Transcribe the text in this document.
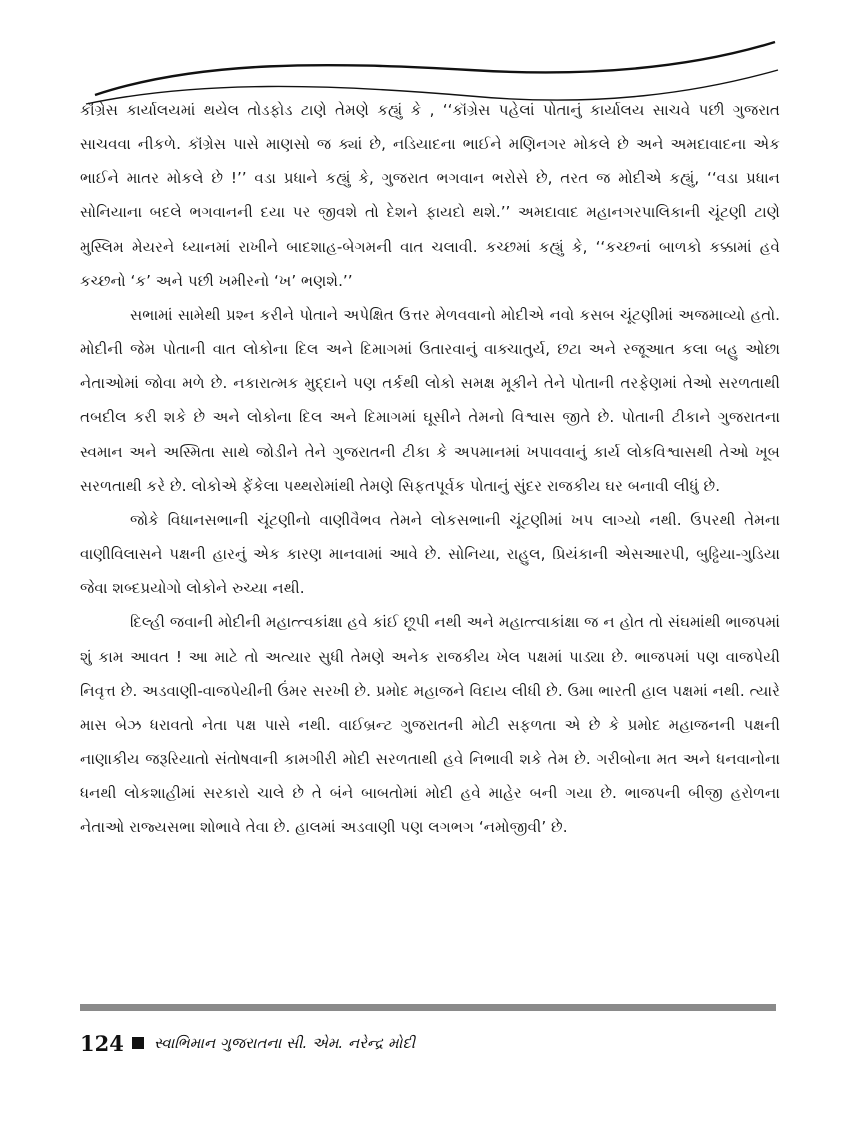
કૉંગ્રેસ કાર્યાલયમાં થયેલ તોડફોડ ટાણે તેમણે કહ્યું કે , ‘‘કૉંગ્રેસ પહેલાં પોતાનું કાર્યાલય સાચવે પછી ગુજરાત સાચવવા નીકળે. કૉંગ્રેસ પાસે માણસો જ ક્યાં છે, નડિયાદના ભાઈને મણિનગર મોકલે છે અને અમદાવાદના એક ભાઈને માતર મોકલે છે !’’ વડા પ્રધાને કહ્યું કે, ગુજરાત ભગવાન ભરોસે છે, તરત જ મોદીએ કહ્યું, ‘‘વડા પ્રધાન સોનિયાના બદલે ભગવાનની દયા પર જીવશે તો દેશને ફાયદો થશે.’’ અમદાવાદ મહાનગરપાલિકાની ચૂંટણી ટાણે મુસ્લિમ મેયરને ધ્યાનમાં રાખીને બાદશાહ-બેગમની વાત ચલાવી. કચ્છમાં કહ્યું કે, ‘‘કચ્છનાં બાળકો કક્કામાં હવે કચ્છનો ‘ક’ અને પછી ખમીરનો ‘ખ’ ભણશે.’’

સભામાં સામેથી પ્રશ્ન કરીને પોતાને અપેક્ષિત ઉત્તર મેળવવાનો મોદીએ નવો કસબ ચૂંટણીમાં અજમાવ્યો હતો. મોદીની જેમ પોતાની વાત લોકોના દિલ અને દિમાગમાં ઉતારવાનું વાક્ચાતુર્ય, છટા અને રજૂઆત કલા બહુ ઓછા નેતાઓમાં જોવા મળે છે. નકારાત્મક મુદ્દાને પણ તર્કથી લોકો સમક્ષ મૂકીને તેને પોતાની તરફેણમાં તેઓ સરળતાથી તબદીલ કરી શકે છે અને લોકોના દિલ અને દિમાગમાં ઘૂસીને તેમનો વિશ્વાસ જીતે છે. પોતાની ટીકાને ગુજરાતના સ્વમાન અને અસ્મિતા સાથે જોડીને તેને ગુજરાતની ટીકા કે અપમાનમાં ખપાવવાનું કાર્ય લોકવિશ્વાસથી તેઓ ખૂબ સરળતાથી કરે છે. લોકોએ ફેંકેલા પથ્થરોમાંથી તેમણે સિફતપૂર્વક પોતાનું સુંદર રાજકીય ઘર બનાવી લીધું છે.

જોકે વિધાનસભાની ચૂંટણીનો વાણીવૈભવ તેમને લોકસભાની ચૂંટણીમાં ખપ લાગ્યો નથી. ઉપરથી તેમના વાણીવિલાસને પક્ષની હારનું એક કારણ માનવામાં આવે છે. સોનિયા, રાહુલ, પ્રિયંકાની એસઆરપી, બુઢ્ઢિયા-ગુડિયા જેવા શબ્દપ્રયોગો લોકોને રુચ્યા નથી.

દિલ્હી જવાની મોદીની મહાત્ત્વકાંક્ષા હવે કાંઈ છૂપી નથી અને મહાત્ત્વાકાંક્ષા જ ન હોત તો સંઘમાંથી ભાજપમાં શું કામ આવત ! આ માટે તો અત્યાર સુધી તેમણે અનેક રાજકીય ખેલ પક્ષમાં પાડ્યા છે. ભાજપમાં પણ વાજપેયી નિવૃત્ત છે. અડવાણી-વાજપેયીની ઉંમર સરખી છે. પ્રમોદ મહાજને વિદાય લીધી છે. ઉમા ભારતી હાલ પક્ષમાં નથી. ત્યારે માસ બેઝ ધરાવતો નેતા પક્ષ પાસે નથી. વાઈબ્રન્ટ ગુજરાતની મોટી સફળતા એ છે કે પ્રમોદ મહાજનની પક્ષની નાણાકીય જરૂરિયાતો સંતોષવાની કામગીરી મોદી સરળતાથી હવે નિભાવી શકે તેમ છે. ગરીબોના મત અને ધનવાનોના ધનથી લોકશાહીમાં સરકારો ચાલે છે તે બંને બાબતોમાં મોદી હવે માહેર બની ગયા છે. ભાજપની બીજી હરોળના નેતાઓ રાજ્યસભા શોભાવે તેવા છે. હાલમાં અડવાણી પણ લગભગ ‘નમોજીવી’ છે.

124 સ્વાભિમાન ગુજરાતના સી. એમ. નરેન્દ્ર મોદી
